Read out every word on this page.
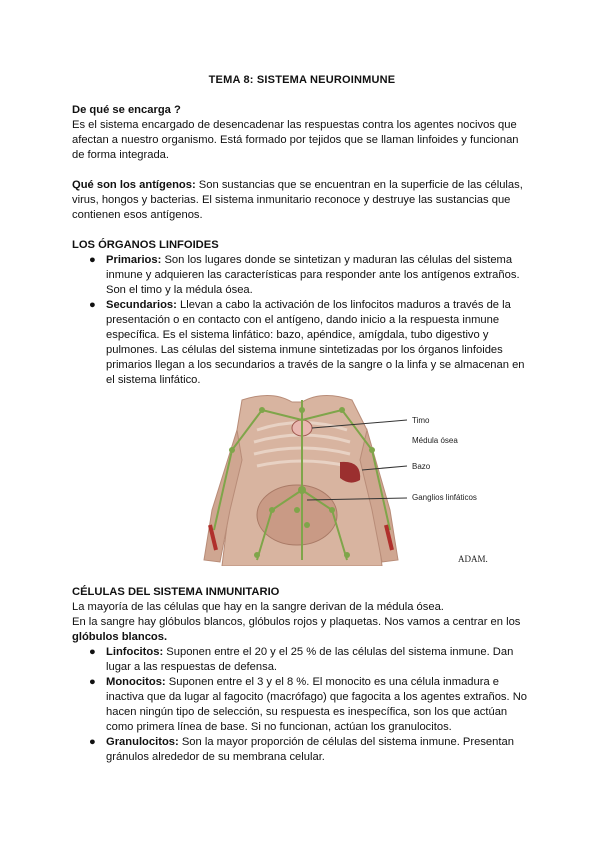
TEMA 8: SISTEMA NEUROINMUNE
De qué se encarga ?
Es el sistema encargado de desencadenar las respuestas contra los agentes nocivos que afectan a nuestro organismo. Está formado por tejidos que se llaman linfoides y funcionan de forma integrada.
Qué son los antígenos: Son sustancias que se encuentran en la superficie de las células, virus, hongos y bacterias. El sistema inmunitario reconoce y destruye las sustancias que contienen esos antígenos.
LOS ÓRGANOS LINFOIDES
● Primarios: Son los lugares donde se sintetizan y maduran las células del sistema inmune y adquieren las características para responder ante los antígenos extraños. Son el timo y la médula ósea.
● Secundarios: Llevan a cabo la activación de los linfocitos maduros a través de la presentación o en contacto con el antígeno, dando inicio a la respuesta inmune específica. Es el sistema linfático: bazo, apéndice, amígdala, tubo digestivo y pulmones. Las células del sistema inmune sintetizadas por los órganos linfoides primarios llegan a los secundarios a través de la sangre o la linfa y se almacenan en el sistema linfático.
Timo
Médula ósea
Bazo
Ganglios linfáticos
ADAM.
CÉLULAS DEL SISTEMA INMUNITARIO
La mayoría de las células que hay en la sangre derivan de la médula ósea.
En la sangre hay glóbulos blancos, glóbulos rojos y plaquetas. Nos vamos a centrar en los glóbulos blancos.
● Linfocitos: Suponen entre el 20 y el 25 % de las células del sistema inmune. Dan lugar a las respuestas de defensa.
● Monocitos: Suponen entre el 3 y el 8 %. El monocito es una célula inmadura e inactiva que da lugar al fagocito (macrófago) que fagocita a los agentes extraños. No hacen ningún tipo de selección, su respuesta es inespecífica, son los que actúan como primera línea de base. Si no funcionan, actúan los granulocitos.
● Granulocitos: Son la mayor proporción de células del sistema inmune. Presentan gránulos alrededor de su membrana celular.
